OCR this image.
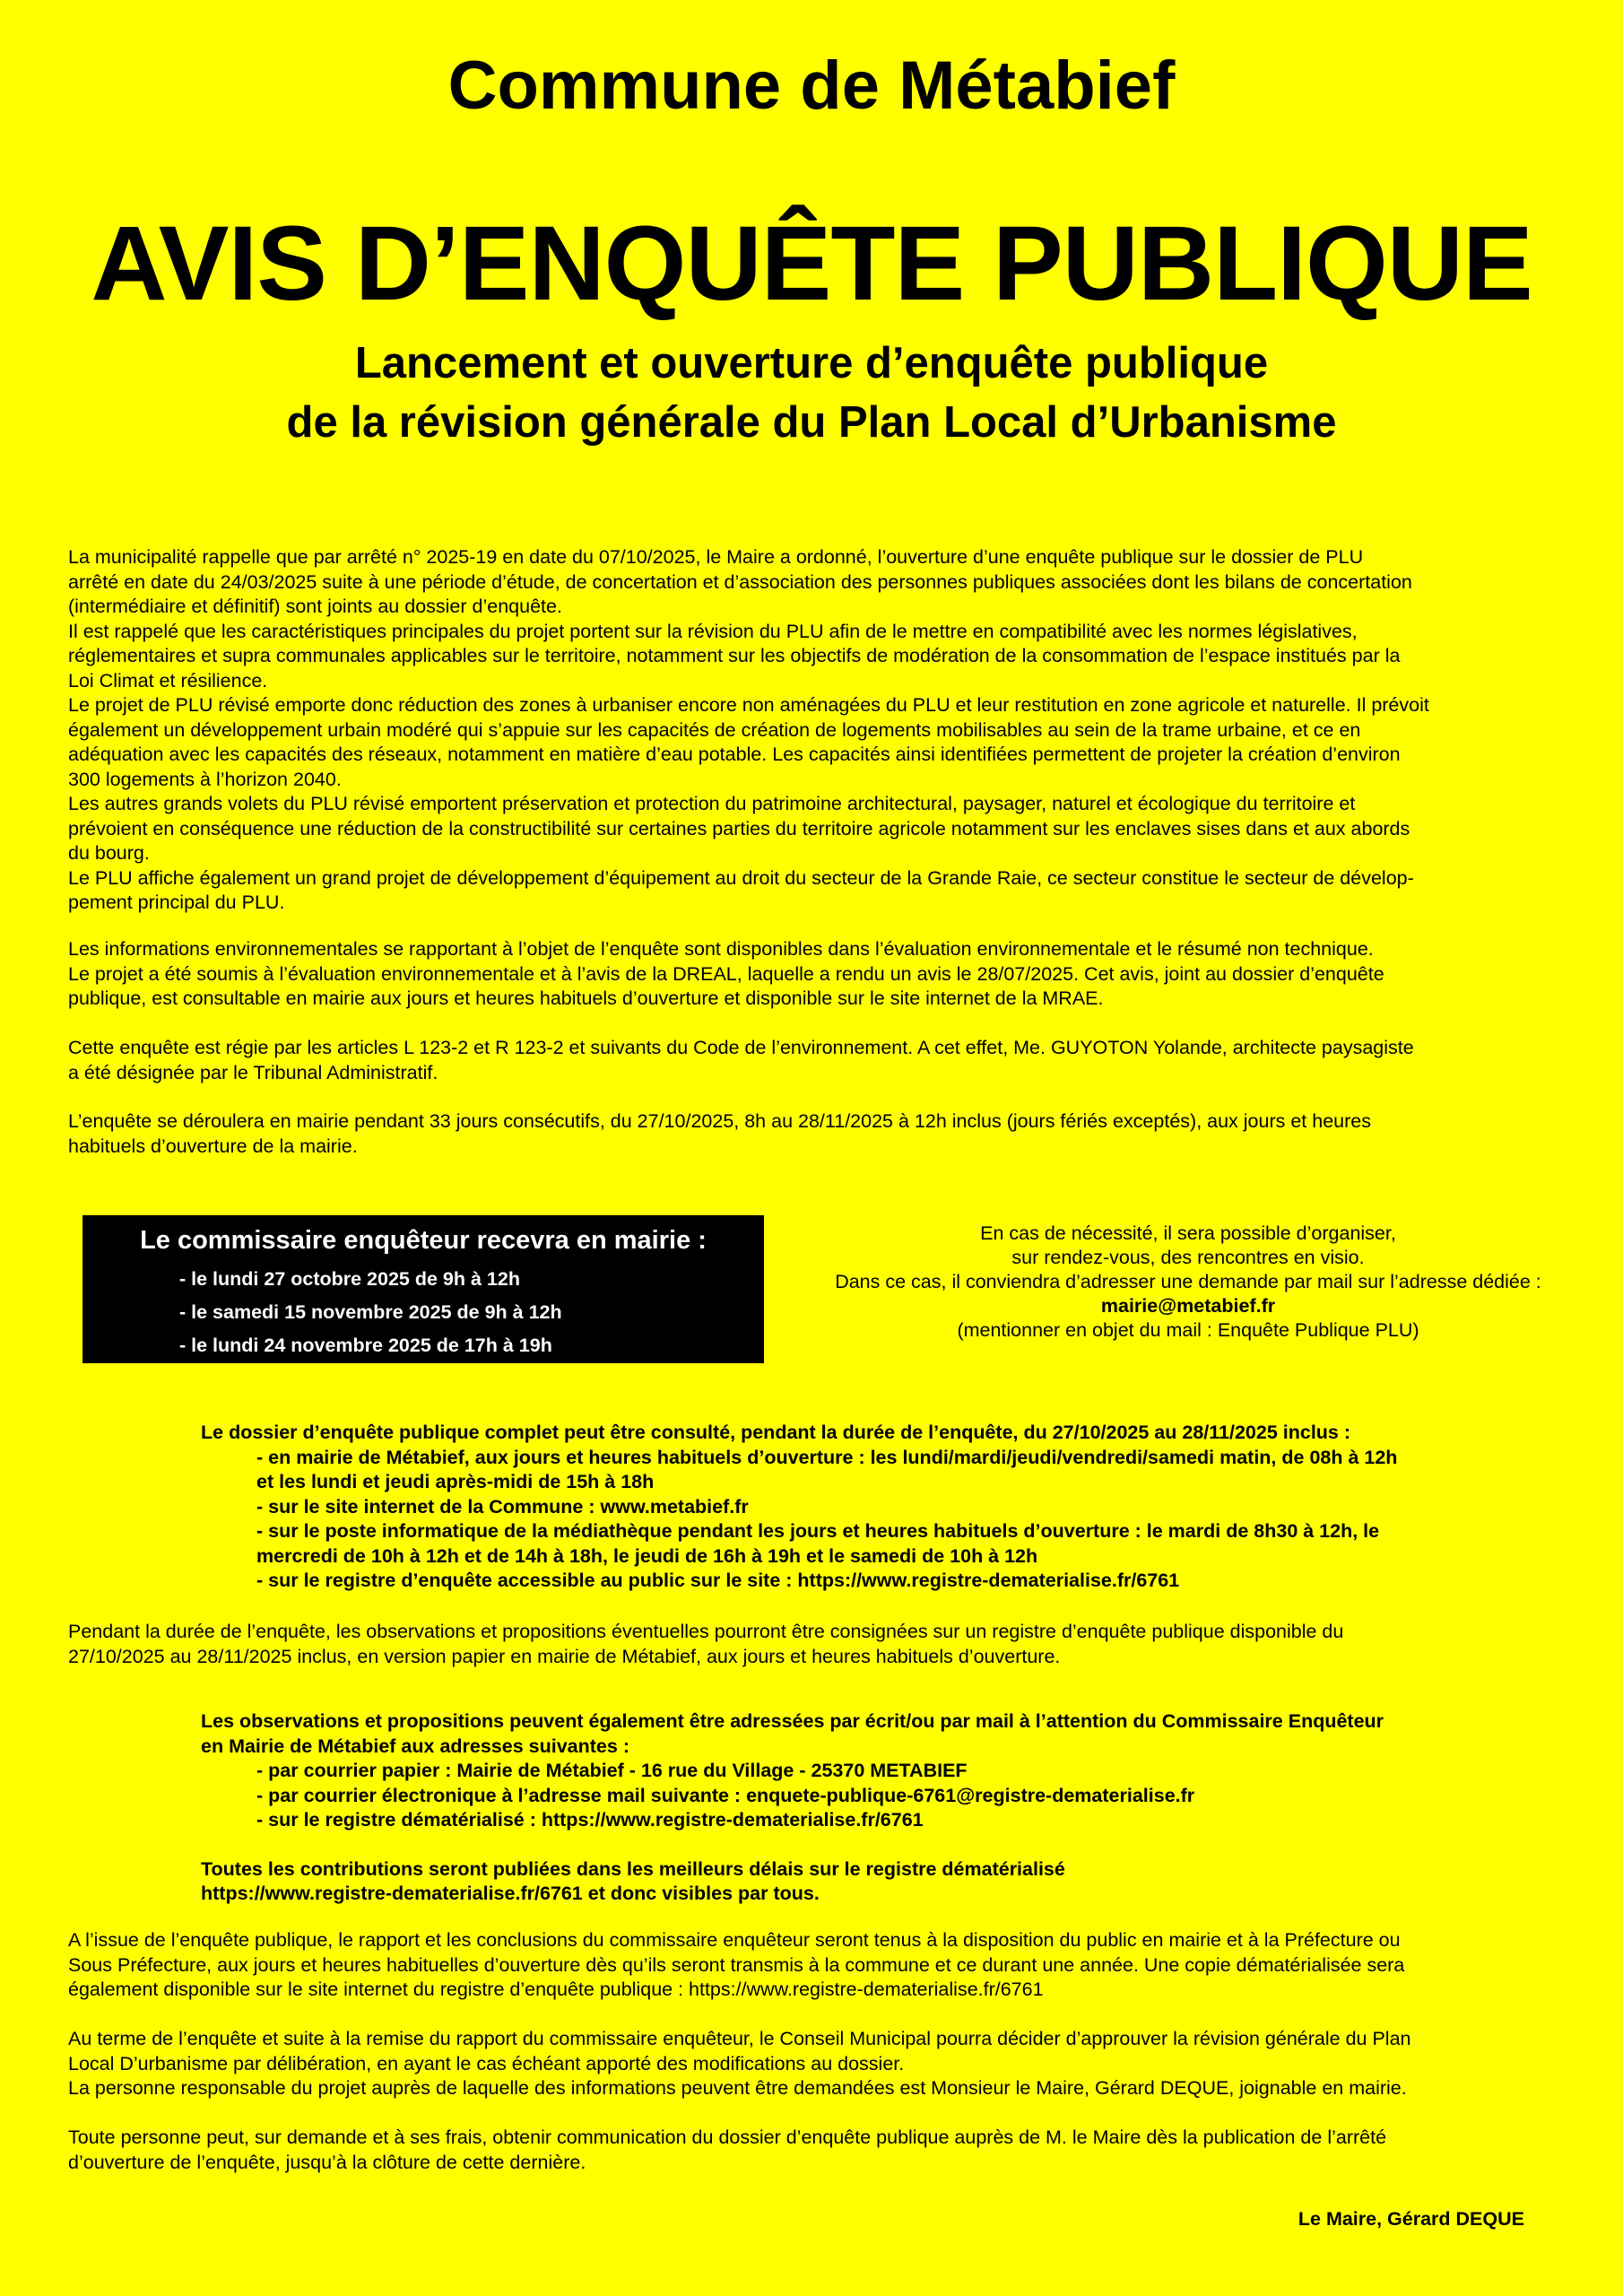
Commune de Métabief
AVIS D’ENQUÊTE PUBLIQUE
Lancement et ouverture d’enquête publique
de la révision générale du Plan Local d’Urbanisme
La municipalité rappelle que par arrêté n° 2025-19 en date du 07/10/2025, le Maire a ordonné, l’ouverture d’une enquête publique sur le dossier de PLU
arrêté en date du 24/03/2025 suite à une période d’étude, de concertation et d’association des personnes publiques associées dont les bilans de concertation
(intermédiaire et définitif) sont joints au dossier d’enquête.
Il est rappelé que les caractéristiques principales du projet portent sur la révision du PLU afin de le mettre en compatibilité avec les normes législatives,
réglementaires et supra communales applicables sur le territoire, notamment sur les objectifs de modération de la consommation de l’espace institués par la
Loi Climat et résilience.
Le projet de PLU révisé emporte donc réduction des zones à urbaniser encore non aménagées du PLU et leur restitution en zone agricole et naturelle. Il prévoit
également un développement urbain modéré qui s’appuie sur les capacités de création de logements mobilisables au sein de la trame urbaine, et ce en
adéquation avec les capacités des réseaux, notamment en matière d’eau potable. Les capacités ainsi identifiées permettent de projeter la création d’environ
300 logements à l’horizon 2040.
Les autres grands volets du PLU révisé emportent préservation et protection du patrimoine architectural, paysager, naturel et écologique du territoire et
prévoient en conséquence une réduction de la constructibilité sur certaines parties du territoire agricole notamment sur les enclaves sises dans et aux abords
du bourg.
Le PLU affiche également un grand projet de développement d’équipement au droit du secteur de la Grande Raie, ce secteur constitue le secteur de dévelop-
pement principal du PLU.
Les informations environnementales se rapportant à l’objet de l’enquête sont disponibles dans l’évaluation environnementale et le résumé non technique.
Le projet a été soumis à l’évaluation environnementale et à l’avis de la DREAL, laquelle a rendu un avis le 28/07/2025. Cet avis, joint au dossier d’enquête
publique, est consultable en mairie aux jours et heures habituels d’ouverture et disponible sur le site internet de la MRAE.
Cette enquête est régie par les articles L 123-2 et R 123-2 et suivants du Code de l’environnement. A cet effet, Me. GUYOTON Yolande, architecte paysagiste
a été désignée par le Tribunal Administratif.
L’enquête se déroulera en mairie pendant 33 jours consécutifs, du 27/10/2025, 8h au 28/11/2025 à 12h inclus (jours fériés exceptés), aux jours et heures
habituels d’ouverture de la mairie.
Le commissaire enquêteur recevra en mairie :
- le lundi 27 octobre 2025 de 9h à 12h
- le samedi 15 novembre 2025 de 9h à 12h
- le lundi 24 novembre 2025 de 17h à 19h
En cas de nécessité, il sera possible d’organiser,
sur rendez-vous, des rencontres en visio.
Dans ce cas, il conviendra d’adresser une demande par mail sur l’adresse dédiée :
mairie@metabief.fr
(mentionner en objet du mail : Enquête Publique PLU)
Le dossier d’enquête publique complet peut être consulté, pendant la durée de l’enquête, du 27/10/2025 au 28/11/2025 inclus :
- en mairie de Métabief, aux jours et heures habituels d’ouverture : les lundi/mardi/jeudi/vendredi/samedi matin, de 08h à 12h
et les lundi et jeudi après-midi de 15h à 18h
- sur le site internet de la Commune : www.metabief.fr
- sur le poste informatique de la médiathèque pendant les jours et heures habituels d’ouverture : le mardi de 8h30 à 12h, le
mercredi de 10h à 12h et de 14h à 18h, le jeudi de 16h à 19h et le samedi de 10h à 12h
- sur le registre d’enquête accessible au public sur le site : https://www.registre-dematerialise.fr/6761
Pendant la durée de l’enquête, les observations et propositions éventuelles pourront être consignées sur un registre d’enquête publique disponible du
27/10/2025 au 28/11/2025 inclus, en version papier en mairie de Métabief, aux jours et heures habituels d’ouverture.
Les observations et propositions peuvent également être adressées par écrit/ou par mail à l’attention du Commissaire Enquêteur
en Mairie de Métabief aux adresses suivantes :
- par courrier papier : Mairie de Métabief - 16 rue du Village - 25370 METABIEF
- par courrier électronique à l’adresse mail suivante : enquete-publique-6761@registre-dematerialise.fr
- sur le registre dématérialisé : https://www.registre-dematerialise.fr/6761
Toutes les contributions seront publiées dans les meilleurs délais sur le registre dématérialisé
https://www.registre-dematerialise.fr/6761 et donc visibles par tous.
A l’issue de l’enquête publique, le rapport et les conclusions du commissaire enquêteur seront tenus à la disposition du public en mairie et à la Préfecture ou
Sous Préfecture, aux jours et heures habituelles d’ouverture dès qu’ils seront transmis à la commune et ce durant une année. Une copie dématérialisée sera
également disponible sur le site internet du registre d’enquête publique : https://www.registre-dematerialise.fr/6761
Au terme de l’enquête et suite à la remise du rapport du commissaire enquêteur, le Conseil Municipal pourra décider d’approuver la révision générale du Plan
Local D’urbanisme par délibération, en ayant le cas échéant apporté des modifications au dossier.
La personne responsable du projet auprès de laquelle des informations peuvent être demandées est Monsieur le Maire, Gérard DEQUE, joignable en mairie.
Toute personne peut, sur demande et à ses frais, obtenir communication du dossier d’enquête publique auprès de M. le Maire dès la publication de l’arrêté
d’ouverture de l’enquête, jusqu’à la clôture de cette dernière.
Le Maire, Gérard DEQUE
